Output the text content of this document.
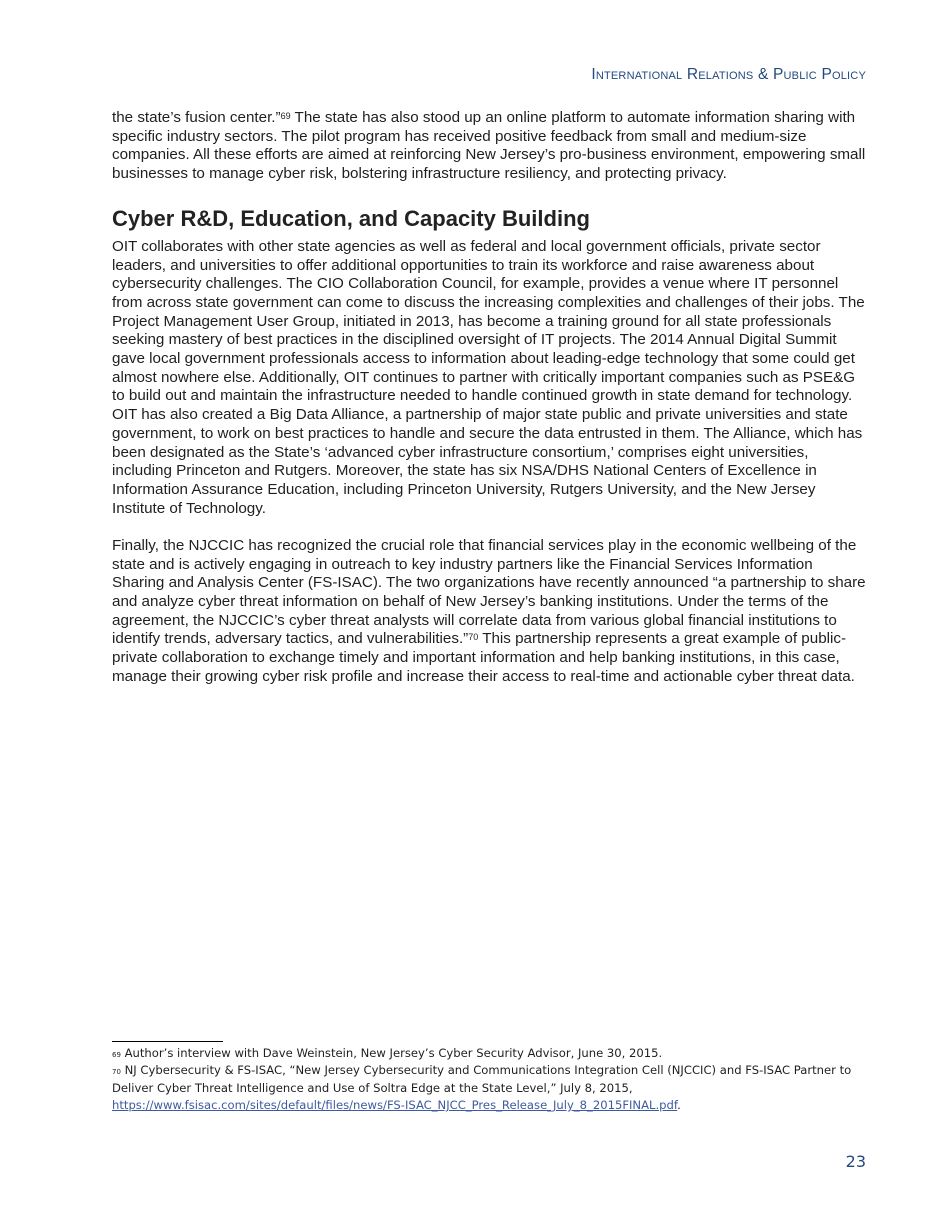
International Relations & Public Policy

the state’s fusion center.”$^{69}$ The state has also stood up an online platform to automate information sharing with specific industry sectors. The pilot program has received positive feedback from small and medium-size companies. All these efforts are aimed at reinforcing New Jersey’s pro-business environment, empowering small businesses to manage cyber risk, bolstering infrastructure resiliency, and protecting privacy.

Cyber R&D, Education, and Capacity Building

OIT collaborates with other state agencies as well as federal and local government officials, private sector leaders, and universities to offer additional opportunities to train its workforce and raise awareness about cybersecurity challenges. The CIO Collaboration Council, for example, provides a venue where IT personnel from across state government can come to discuss the increasing complexities and challenges of their jobs. The Project Management User Group, initiated in 2013, has become a training ground for all state professionals seeking mastery of best practices in the disciplined oversight of IT projects. The 2014 Annual Digital Summit gave local government professionals access to information about leading-edge technology that some could get almost nowhere else. Additionally, OIT continues to partner with critically important companies such as PSE&G to build out and maintain the infrastructure needed to handle continued growth in state demand for technology. OIT has also created a Big Data Alliance, a partnership of major state public and private universities and state government, to work on best practices to handle and secure the data entrusted in them. The Alliance, which has been designated as the State’s ‘advanced cyber infrastructure consortium,’ comprises eight universities, including Princeton and Rutgers. Moreover, the state has six NSA/DHS National Centers of Excellence in Information Assurance Education, including Princeton University, Rutgers University, and the New Jersey Institute of Technology.

Finally, the NJCCIC has recognized the crucial role that financial services play in the economic wellbeing of the state and is actively engaging in outreach to key industry partners like the Financial Services Information Sharing and Analysis Center (FS-ISAC). The two organizations have recently announced “a partnership to share and analyze cyber threat information on behalf of New Jersey’s banking institutions. Under the terms of the agreement, the NJCCIC’s cyber threat analysts will correlate data from various global financial institutions to identify trends, adversary tactics, and vulnerabilities.”$^{70}$ This partnership represents a great example of public-private collaboration to exchange timely and important information and help banking institutions, in this case, manage their growing cyber risk profile and increase their access to real-time and actionable cyber threat data.

$^{69}$ Author’s interview with Dave Weinstein, New Jersey’s Cyber Security Advisor, June 30, 2015.

$^{70}$ NJ Cybersecurity & FS-ISAC, “New Jersey Cybersecurity and Communications Integration Cell (NJCCIC) and FS-ISAC Partner to Deliver Cyber Threat Intelligence and Use of Soltra Edge at the State Level,” July 8, 2015, https://www.fsisac.com/sites/default/files/news/FS-ISAC_NJCC_Pres_Release_July_8_2015FINAL.pdf.

23
